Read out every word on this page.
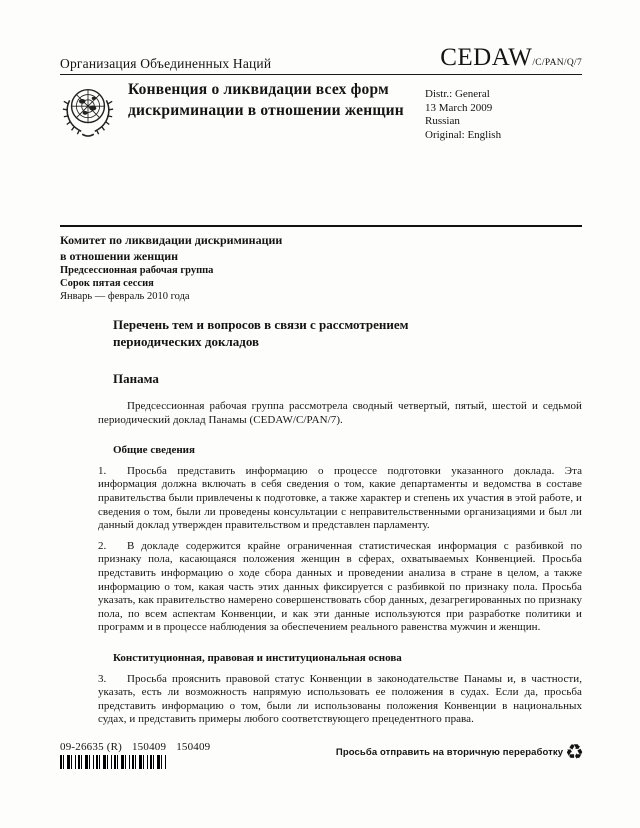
Организация Объединенных Наций	CEDAW/C/PAN/Q/7
Конвенция о ликвидации всех форм дискриминации в отношении женщин
Distr.: General
13 March 2009
Russian
Original: English
Комитет по ликвидации дискриминации
в отношении женщин
Предсессионная рабочая группа
Сорок пятая сессия
Январь — февраль 2010 года
Перечень тем и вопросов в связи с рассмотрением периодических докладов
Панама

Предсессионная рабочая группа рассмотрела сводный четвертый, пятый, шестой и седьмой периодический доклад Панамы (CEDAW/C/PAN/7).

Общие сведения

1. Просьба представить информацию о процессе подготовки указанного доклада. Эта информация должна включать в себя сведения о том, какие департаменты и ведомства в составе правительства были привлечены к подготовке, а также характер и степень их участия в этой работе, и сведения о том, были ли проведены консультации с неправительственными организациями и был ли данный доклад утвержден правительством и представлен парламенту.

2. В докладе содержится крайне ограниченная статистическая информация с разбивкой по признаку пола, касающаяся положения женщин в сферах, охватываемых Конвенцией. Просьба представить информацию о ходе сбора данных и проведении анализа в стране в целом, а также информацию о том, какая часть этих данных фиксируется с разбивкой по признаку пола. Просьба указать, как правительство намерено совершенствовать сбор данных, дезагрегированных по признаку пола, по всем аспектам Конвенции, и как эти данные используются при разработке политики и программ и в процессе наблюдения за обеспечением реального равенства мужчин и женщин.

Конституционная, правовая и институциональная основа

3. Просьба прояснить правовой статус Конвенции в законодательстве Панамы и, в частности, указать, есть ли возможность напрямую использовать ее положения в судах. Если да, просьба представить информацию о том, были ли использованы положения Конвенции в национальных судах, и представить примеры любого соответствующего прецедентного права.

09-26635 (R) 150409 150409	Просьба отправить на вторичную переработку ♻
